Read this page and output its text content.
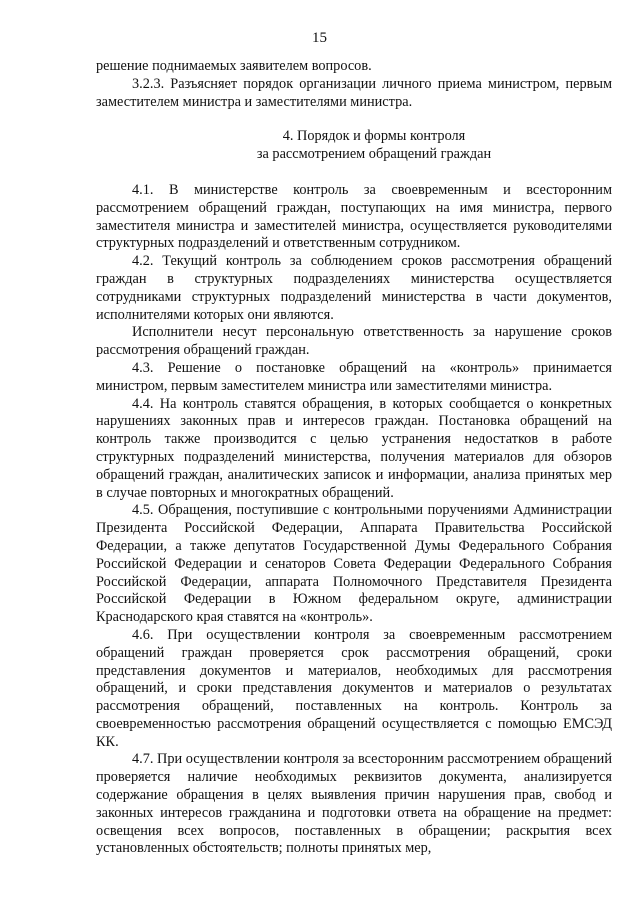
15

решение поднимаемых заявителем вопросов.

3.2.3. Разъясняет порядок организации личного приема министром, первым заместителем министра и заместителями министра.

4. Порядок и формы контроля
за рассмотрением обращений граждан

4.1. В министерстве контроль за своевременным и всесторонним рассмотрением обращений граждан, поступающих на имя министра, первого заместителя министра и заместителей министра, осуществляется руководителями структурных подразделений и ответственным сотрудником.

4.2. Текущий контроль за соблюдением сроков рассмотрения обращений граждан в структурных подразделениях министерства осуществляется сотрудниками структурных подразделений министерства в части документов, исполнителями которых они являются.

Исполнители несут персональную ответственность за нарушение сроков рассмотрения обращений граждан.

4.3. Решение о постановке обращений на «контроль» принимается министром, первым заместителем министра или заместителями министра.

4.4. На контроль ставятся обращения, в которых сообщается о конкретных нарушениях законных прав и интересов граждан. Постановка обращений на контроль также производится с целью устранения недостатков в работе структурных подразделений министерства, получения материалов для обзоров обращений граждан, аналитических записок и информации, анализа принятых мер в случае повторных и многократных обращений.

4.5. Обращения, поступившие с контрольными поручениями Администрации Президента Российской Федерации, Аппарата Правительства Российской Федерации, а также депутатов Государственной Думы Федерального Собрания Российской Федерации и сенаторов Совета Федерации Федерального Собрания Российской Федерации, аппарата Полномочного Представителя Президента Российской Федерации в Южном федеральном округе, администрации Краснодарского края ставятся на «контроль».

4.6. При осуществлении контроля за своевременным рассмотрением обращений граждан проверяется срок рассмотрения обращений, сроки представления документов и материалов, необходимых для рассмотрения обращений, и сроки представления документов и материалов о результатах рассмотрения обращений, поставленных на контроль. Контроль за своевременностью рассмотрения обращений осуществляется с помощью ЕМСЭД КК.

4.7. При осуществлении контроля за всесторонним рассмотрением обращений проверяется наличие необходимых реквизитов документа, анализируется содержание обращения в целях выявления причин нарушения прав, свобод и законных интересов гражданина и подготовки ответа на обращение на предмет: освещения всех вопросов, поставленных в обращении; раскрытия всех установленных обстоятельств; полноты принятых мер,
